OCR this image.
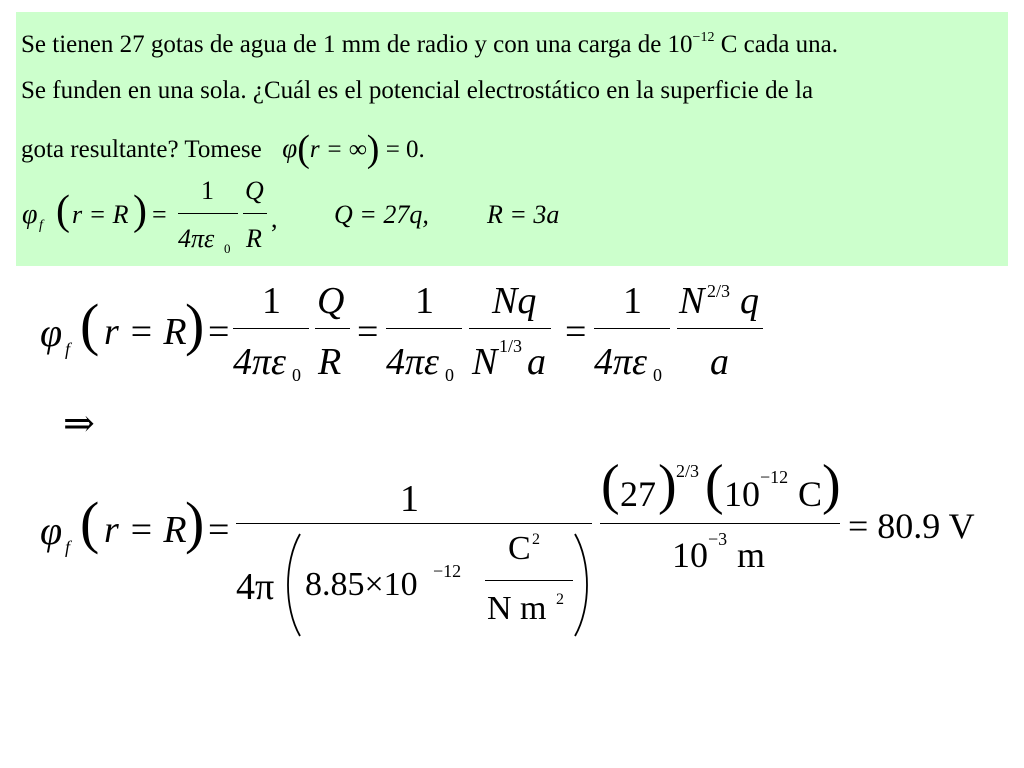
Se tienen 27 gotas de agua de 1 mm de radio y con una carga de $10^{-12}$ C cada una.
Se funden en una sola. ¿Cuál es el potencial electrostático en la superficie de la
gota resultante? Tomese φ(r = ∞) = 0.
φ f ( r = R ) =
1
4πε 0
Q
R
, Q = 27q, R = 3a
φ f ( r = R
) =
1
4πε 0
Q
R
=
1
4πε 0
Nq
N 1/3 a
=
1
4πε 0
N 2/3 q
a
⇒
φ f ( r = R
) =
1
4π 8.85×10 −12
C 2
N m 2
( 27 ) 2/3 ( 10 −12 C )
10 −3 m
= 80.9 V
